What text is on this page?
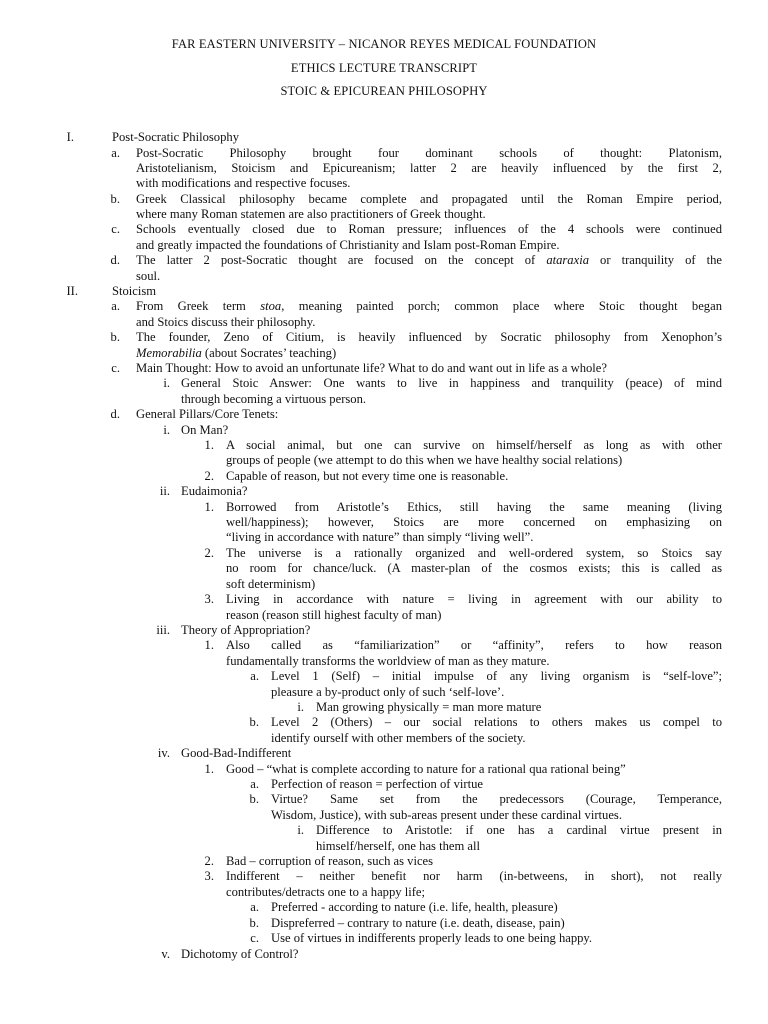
FAR EASTERN UNIVERSITY – NICANOR REYES MEDICAL FOUNDATION
ETHICS LECTURE TRANSCRIPT
STOIC & EPICUREAN PHILOSOPHY
I.	Post-Socratic Philosophy
a. Post-Socratic Philosophy brought four dominant schools of thought: Platonism,
Aristotelianism, Stoicism and Epicureanism; latter 2 are heavily influenced by the first 2,
with modifications and respective focuses.
b. Greek Classical philosophy became complete and propagated until the Roman Empire period,
where many Roman statemen are also practitioners of Greek thought.
c. Schools eventually closed due to Roman pressure; influences of the 4 schools were continued
and greatly impacted the foundations of Christianity and Islam post-Roman Empire.
d. The latter 2 post-Socratic thought are focused on the concept of ataraxia or tranquility of the
soul.
II.	Stoicism
a. From Greek term stoa, meaning painted porch; common place where Stoic thought began
and Stoics discuss their philosophy.
b. The founder, Zeno of Citium, is heavily influenced by Socratic philosophy from Xenophon’s
Memorabilia (about Socrates’ teaching)
c. Main Thought: How to avoid an unfortunate life? What to do and want out in life as a whole?
i. General Stoic Answer: One wants to live in happiness and tranquility (peace) of mind
through becoming a virtuous person.
d. General Pillars/Core Tenets:
i. On Man?
1. A social animal, but one can survive on himself/herself as long as with other
groups of people (we attempt to do this when we have healthy social relations)
2. Capable of reason, but not every time one is reasonable.
ii. Eudaimonia?
1. Borrowed from Aristotle’s Ethics, still having the same meaning (living
well/happiness); however, Stoics are more concerned on emphasizing on
“living in accordance with nature” than simply “living well”.
2. The universe is a rationally organized and well-ordered system, so Stoics say
no room for chance/luck. (A master-plan of the cosmos exists; this is called as
soft determinism)
3. Living in accordance with nature = living in agreement with our ability to
reason (reason still highest faculty of man)
iii. Theory of Appropriation?
1. Also called as “familiarization” or “affinity”, refers to how reason
fundamentally transforms the worldview of man as they mature.
a. Level 1 (Self) – initial impulse of any living organism is “self-love”;
pleasure a by-product only of such ‘self-love’.
i. Man growing physically = man more mature
b. Level 2 (Others) – our social relations to others makes us compel to
identify ourself with other members of the society.
iv. Good-Bad-Indifferent
1. Good – “what is complete according to nature for a rational qua rational being”
a. Perfection of reason = perfection of virtue
b. Virtue? Same set from the predecessors (Courage, Temperance,
Wisdom, Justice), with sub-areas present under these cardinal virtues.
i. Difference to Aristotle: if one has a cardinal virtue present in
himself/herself, one has them all
2. Bad – corruption of reason, such as vices
3. Indifferent – neither benefit nor harm (in-betweens, in short), not really
contributes/detracts one to a happy life;
a. Preferred - according to nature (i.e. life, health, pleasure)
b. Dispreferred – contrary to nature (i.e. death, disease, pain)
c. Use of virtues in indifferents properly leads to one being happy.
v. Dichotomy of Control?
